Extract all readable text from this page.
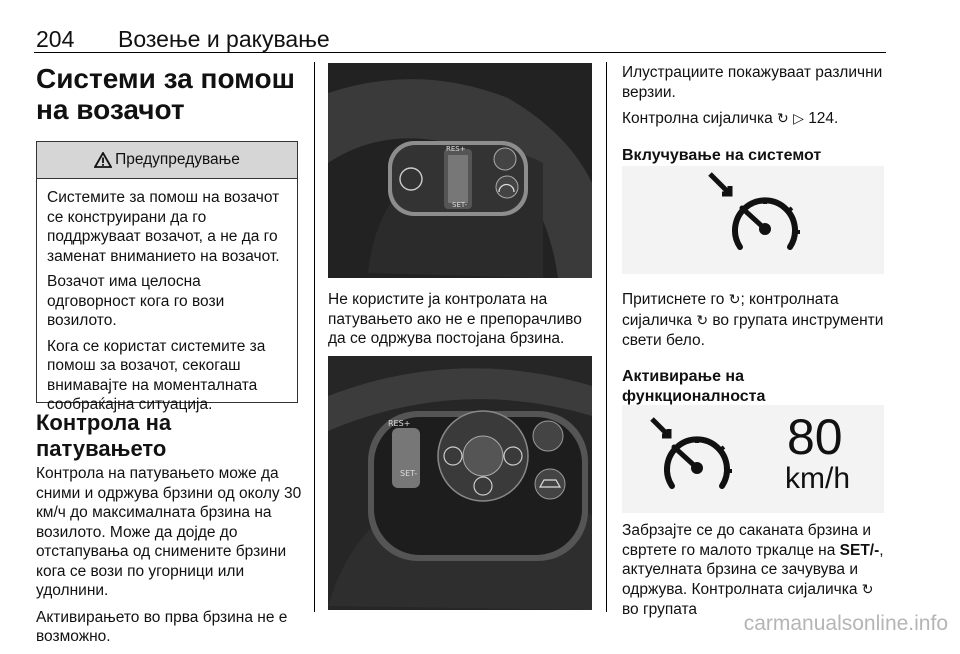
204 Возење и ракување
Системи за помош на возачот
Предупредување

Системите за помош на возачот се конструирани да го поддржуваат возачот, а не да го заменат вниманието на возачот.

Возачот има целосна одговорност кога го вози возилото.

Кога се користат системите за помош за возачот, секогаш внимавајте на моменталната сообраќајна ситуација.

Контрола на патувањето

Контрола на патувањето може да сними и одржува брзини од околу 30 км/ч до максималната брзина на возилото. Може да дојде до отстапувања од снимените брзини кога се вози по угорници или удолнини.

Активирањето во прва брзина не е возможно.

RES+
SET-

Не користите ја контролата на патувањето ако не е препорачливо да се одржува постојана брзина.

RES+
SET-

Илустрациите покажуваат различни верзии.

Контролна сијаличка ↻ ▷ 124.

Вклучување на системот

Притиснете го ↻; контролната сијаличка ↻ во групата инструменти свети бело.

Активирање на функционалноста
80
km/h

Забрзајте се до саканата брзина и свртете го малото тркалце на SET/-, актуелната брзина се зачувува и одржува. Контролната сијаличка ↻ во групата

carmanualsonline.info
